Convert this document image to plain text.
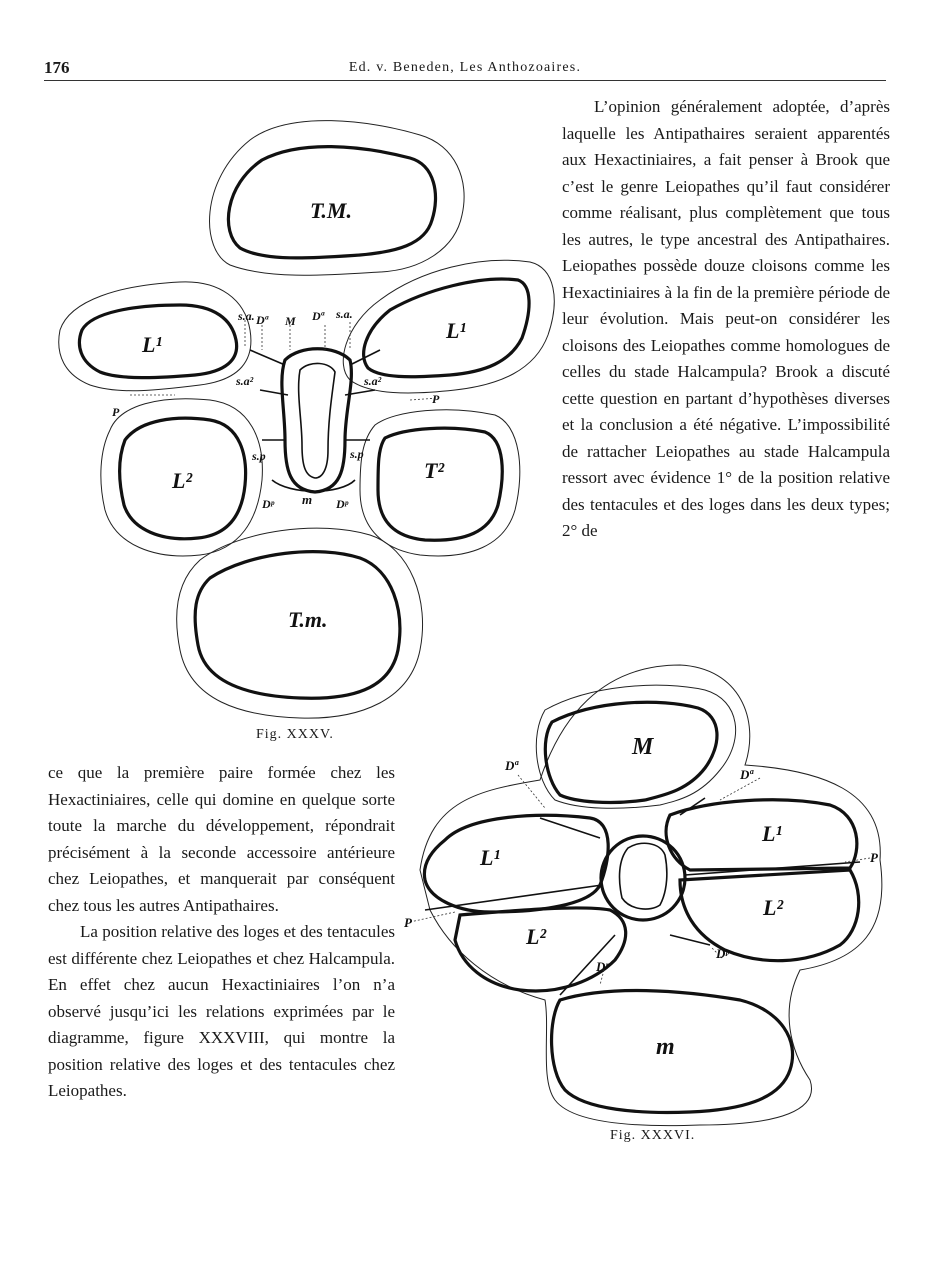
176	Ed. v. Beneden, Les Anthozoaires.
T.M.
L¹
L¹
L²	T²
T.m.
s.a. Dª M Dª s.a.
s.a²	s.a²
P
P
s.p	s.p
Dᵖ m Dᵖ
Fig. XXXV.	M
Dª
Dª
L¹
L¹
P
P
L²
L²
Dᵖ
Dᵖ
m
Fig. XXXVI.

L’opinion généralement adoptée, d’après laquelle les Antipathaires seraient apparentés aux Hexactiniaires, a fait penser à Brook que c’est le genre Leiopathes qu’il faut considérer comme réalisant, plus complètement que tous les autres, le type ancestral des Antipathaires. Leiopathes possède douze cloisons comme les Hexactiniaires à la fin de la première période de leur évolution. Mais peut-on considérer les cloisons des Leiopathes comme homologues de celles du stade Halcampula? Brook a discuté cette question en partant d’hypothèses diverses et la conclusion a été négative. L’impossibilité de rattacher Leiopathes au stade Halcampula ressort avec évidence 1° de la position relative des tentacules et des loges dans les deux types; 2° de

ce que la première paire formée chez les Hexactiniaires, celle qui domine en quelque sorte toute la marche du développement, répondrait précisément à la seconde accessoire antérieure chez Leiopathes, et manquerait par conséquent chez tous les autres Antipathaires.

La position relative des loges et des tentacules est différente chez Leiopathes et chez Halcampula. En effet chez aucun Hexactiniaires l’on n’a observé jusqu’ici les relations exprimées par le diagramme, figure XXXVIII, qui montre la position relative des loges et des tentacules chez Leiopathes.
